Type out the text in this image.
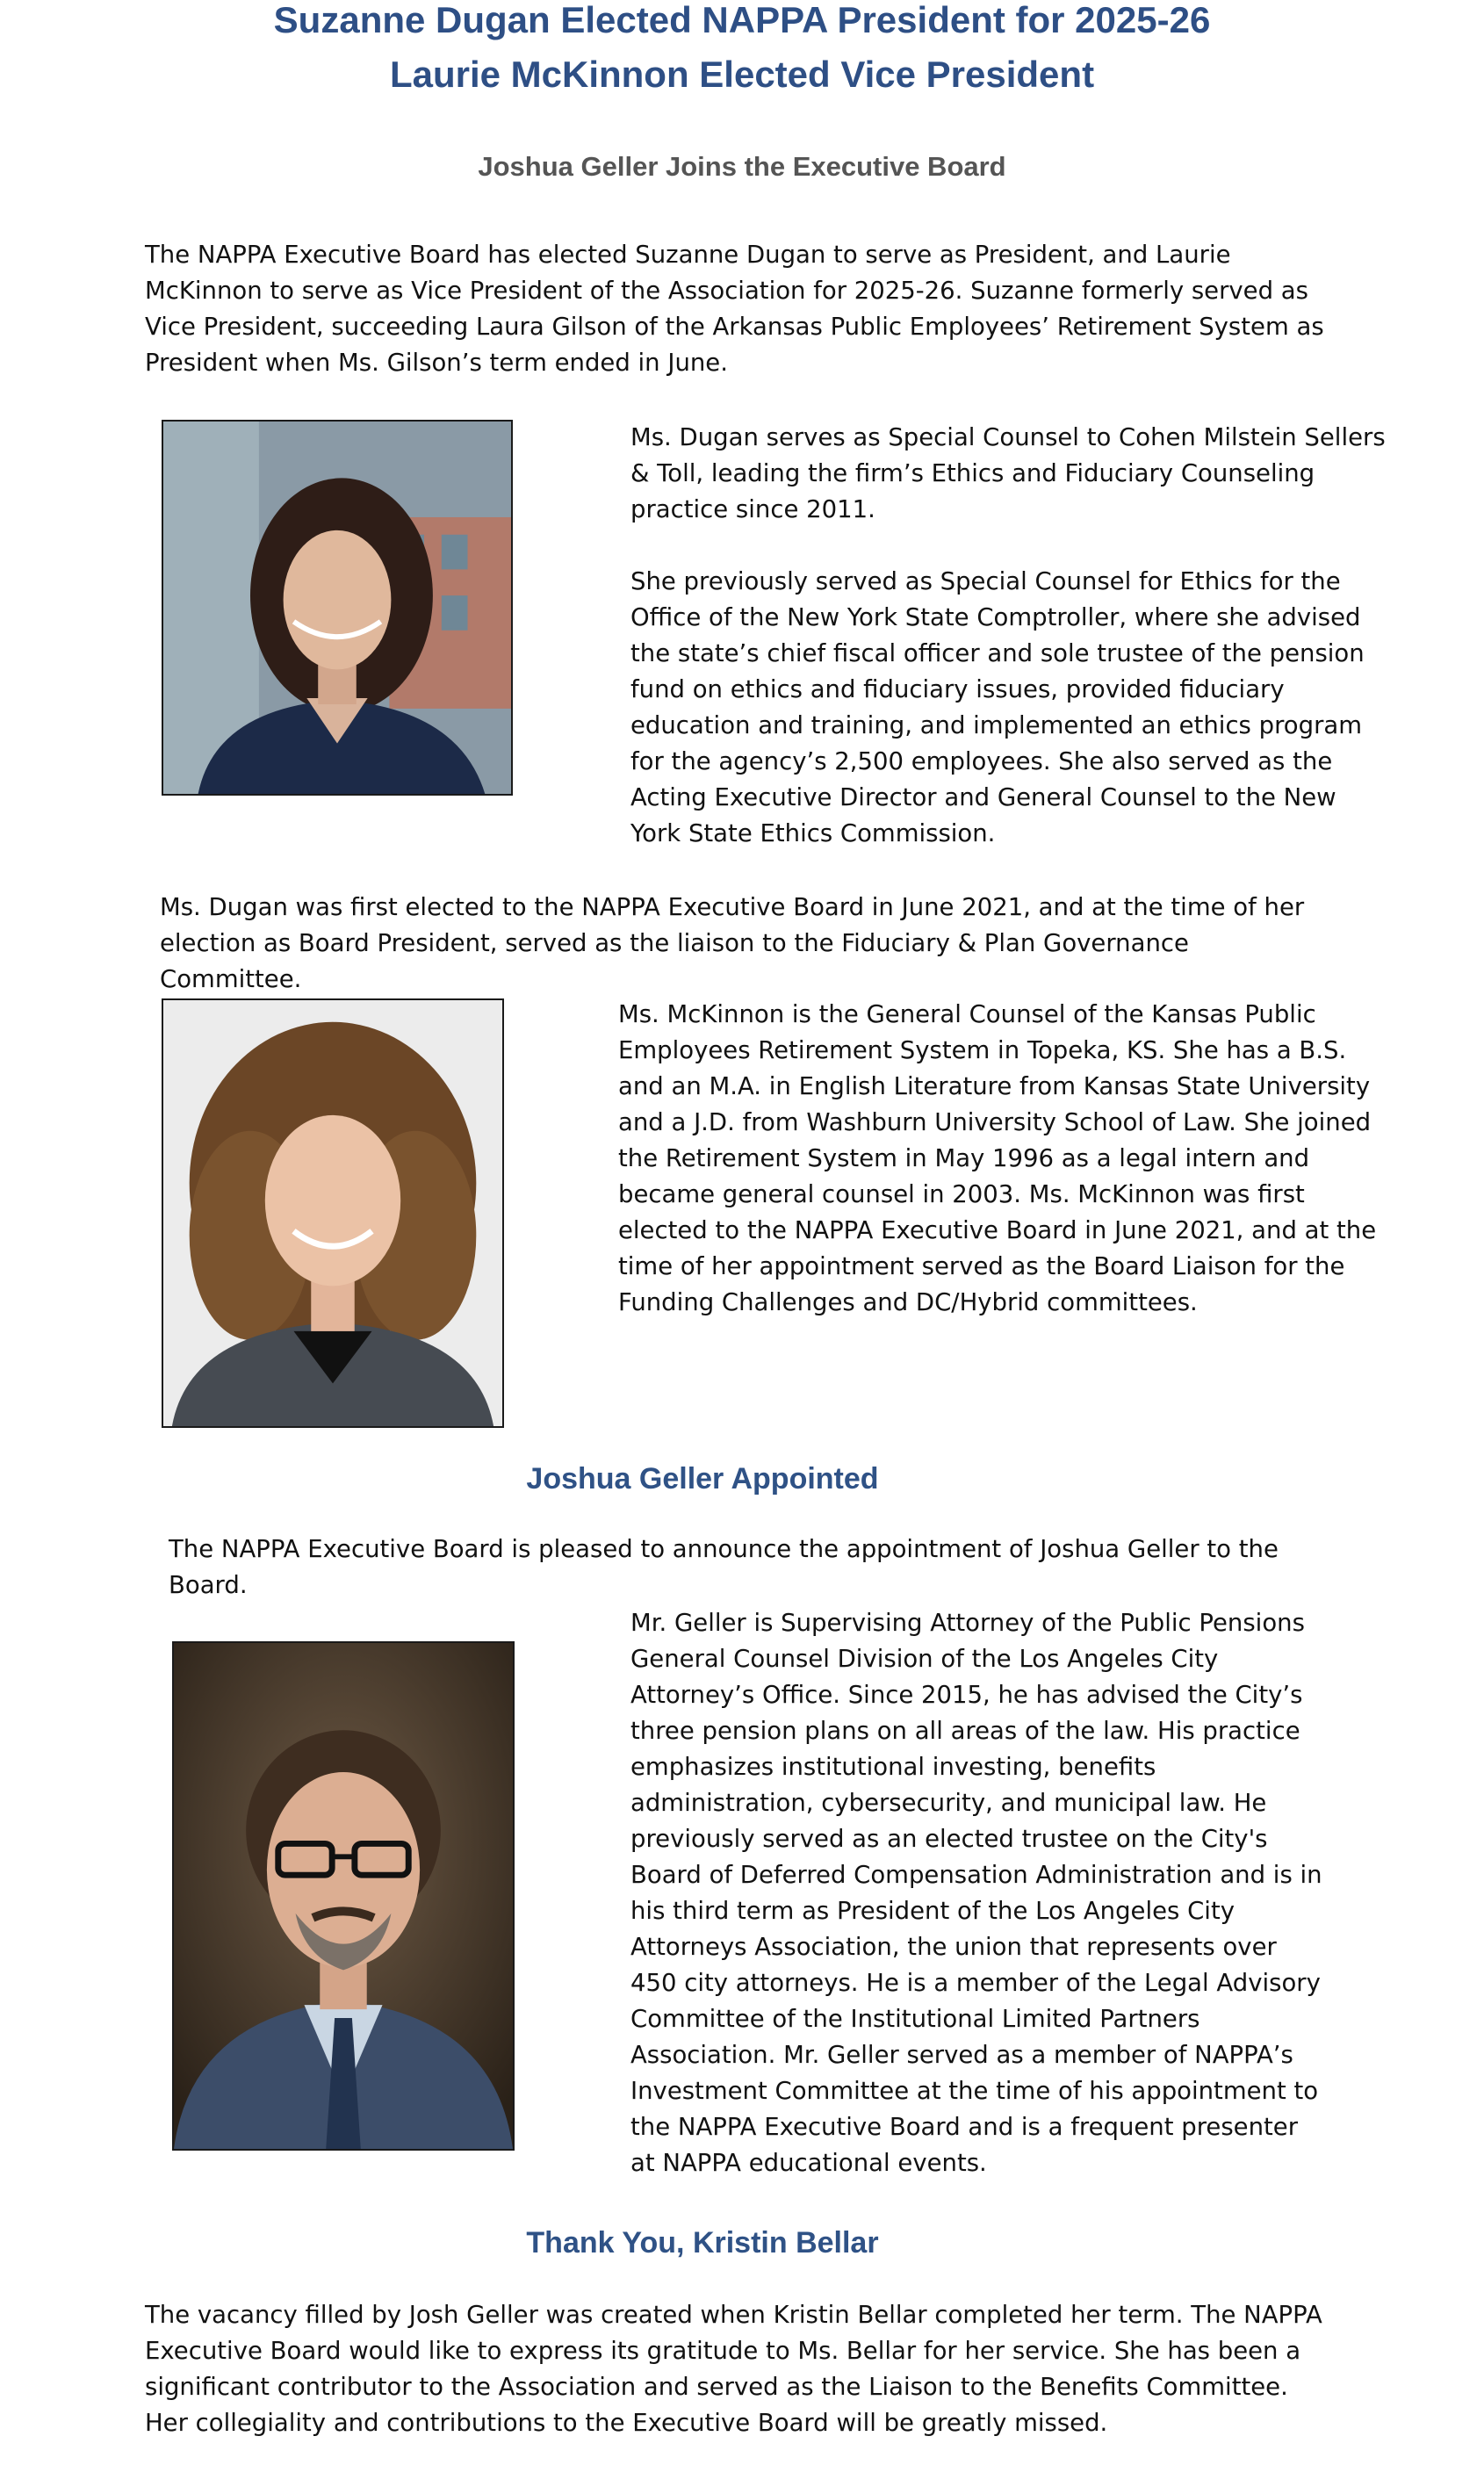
Suzanne Dugan Elected NAPPA President for 2025-26
Laurie McKinnon Elected Vice President
Joshua Geller Joins the Executive Board

The NAPPA Executive Board has elected Suzanne Dugan to serve as President, and Laurie McKinnon to serve as Vice President of the Association for 2025-26. Suzanne formerly served as Vice President, succeeding Laura Gilson of the Arkansas Public Employees’ Retirement System as President when Ms. Gilson’s term ended in June.

Ms. Dugan serves as Special Counsel to Cohen Milstein Sellers & Toll, leading the firm’s Ethics and Fiduciary Counseling practice since 2011.

She previously served as Special Counsel for Ethics for the Office of the New York State Comptroller, where she advised the state’s chief fiscal officer and sole trustee of the pension fund on ethics and fiduciary issues, provided fiduciary education and training, and implemented an ethics program for the agency’s 2,500 employees. She also served as the Acting Executive Director and General Counsel to the New York State Ethics Commission.

Ms. Dugan was first elected to the NAPPA Executive Board in June 2021, and at the time of her election as Board President, served as the liaison to the Fiduciary & Plan Governance Committee.

Ms. McKinnon is the General Counsel of the Kansas Public Employees Retirement System in Topeka, KS. She has a B.S. and an M.A. in English Literature from Kansas State University and a J.D. from Washburn University School of Law. She joined the Retirement System in May 1996 as a legal intern and became general counsel in 2003. Ms. McKinnon was first elected to the NAPPA Executive Board in June 2021, and at the time of her appointment served as the Board Liaison for the Funding Challenges and DC/Hybrid committees.

Joshua Geller Appointed

The NAPPA Executive Board is pleased to announce the appointment of Joshua Geller to the Board.

Mr. Geller is Supervising Attorney of the Public Pensions General Counsel Division of the Los Angeles City Attorney’s Office. Since 2015, he has advised the City’s three pension plans on all areas of the law. His practice emphasizes institutional investing, benefits administration, cybersecurity, and municipal law. He previously served as an elected trustee on the City's Board of Deferred Compensation Administration and is in his third term as President of the Los Angeles City Attorneys Association, the union that represents over 450 city attorneys. He is a member of the Legal Advisory Committee of the Institutional Limited Partners Association. Mr. Geller served as a member of NAPPA’s Investment Committee at the time of his appointment to the NAPPA Executive Board and is a frequent presenter at NAPPA educational events.

Thank You, Kristin Bellar

The vacancy filled by Josh Geller was created when Kristin Bellar completed her term. The NAPPA Executive Board would like to express its gratitude to Ms. Bellar for her service. She has been a significant contributor to the Association and served as the Liaison to the Benefits Committee. Her collegiality and contributions to the Executive Board will be greatly missed.
